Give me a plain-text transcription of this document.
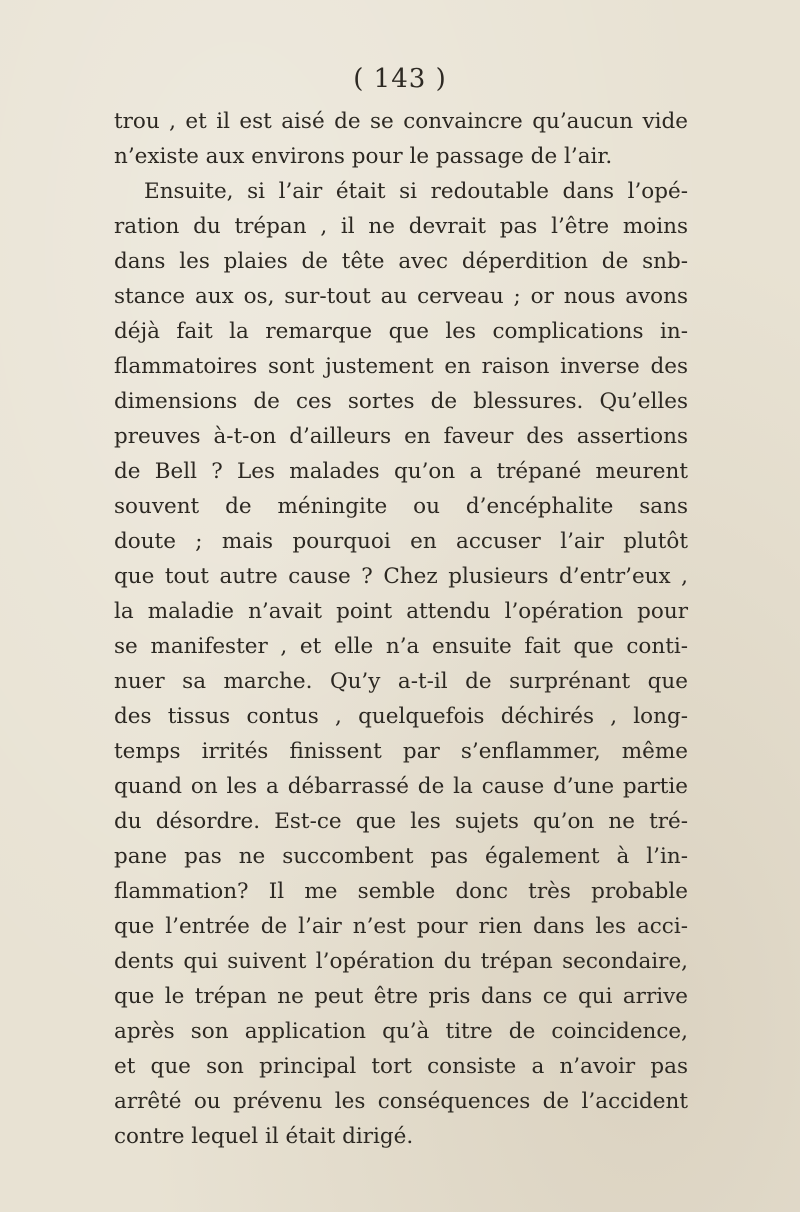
( 143 )
trou , et il est aisé de se convaincre qu’aucun vide
n’existe aux environs pour le passage de l’air.
Ensuite, si l’air était si redoutable dans l’opé-
ration du trépan , il ne devrait pas l’être moins
dans les plaies de tête avec déperdition de snb-
stance aux os, sur-tout au cerveau ; or nous avons
déjà fait la remarque que les complications in-
flammatoires sont justement en raison inverse des
dimensions de ces sortes de blessures. Qu’elles
preuves à-t-on d’ailleurs en faveur des assertions
de Bell ? Les malades qu’on a trépané meurent
souvent de méningite ou d’encéphalite sans
doute ; mais pourquoi en accuser l’air plutôt
que tout autre cause ? Chez plusieurs d’entr’eux ,
la maladie n’avait point attendu l’opération pour
se manifester , et elle n’a ensuite fait que conti-
nuer sa marche. Qu’y a-t-il de surprénant que
des tissus contus , quelquefois déchirés , long-
temps irrités finissent par s’enflammer, même
quand on les a débarrassé de la cause d’une partie
du désordre. Est-ce que les sujets qu’on ne tré-
pane pas ne succombent pas également à l’in-
flammation? Il me semble donc très probable
que l’entrée de l’air n’est pour rien dans les acci-
dents qui suivent l’opération du trépan secondaire,
que le trépan ne peut être pris dans ce qui arrive
après son application qu’à titre de coincidence,
et que son principal tort consiste a n’avoir pas
arrêté ou prévenu les conséquences de l’accident
contre lequel il était dirigé.
